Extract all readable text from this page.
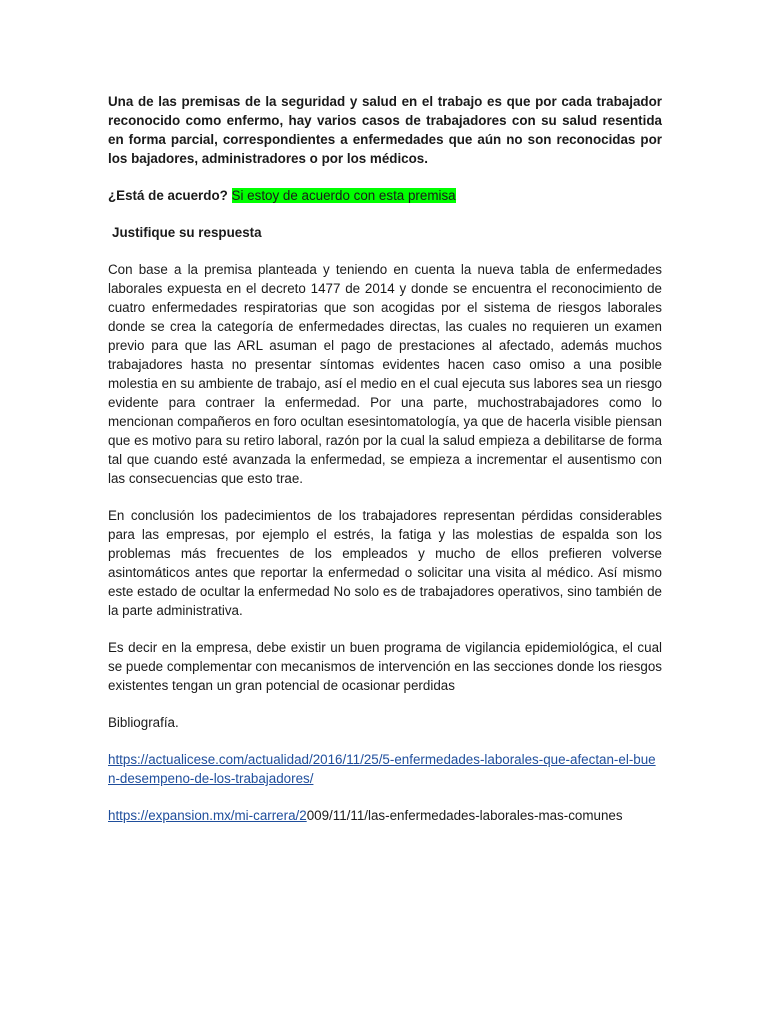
Una de las premisas de la seguridad y salud en el trabajo es que por cada trabajador reconocido como enfermo, hay varios casos de trabajadores con su salud resentida en forma parcial, correspondientes a enfermedades que aún no son reconocidas por los bajadores, administradores o por los médicos.

¿Está de acuerdo? Si estoy de acuerdo con esta premisa

Justifique su respuesta

Con base a la premisa planteada y teniendo en cuenta la nueva tabla de enfermedades laborales expuesta en el decreto 1477 de 2014 y donde se encuentra el reconocimiento de cuatro enfermedades respiratorias que son acogidas por el sistema de riesgos laborales donde se crea la categoría de enfermedades directas, las cuales no requieren un examen previo para que las ARL asuman el pago de prestaciones al afectado, además muchos trabajadores hasta no presentar síntomas evidentes hacen caso omiso a una posible molestia en su ambiente de trabajo, así el medio en el cual ejecuta sus labores sea un riesgo evidente para contraer la enfermedad. Por una parte, muchostrabajadores como lo mencionan compañeros en foro ocultan esesintomatología, ya que de hacerla visible piensan que es motivo para su retiro laboral, razón por la cual la salud empieza a debilitarse de forma tal que cuando esté avanzada la enfermedad, se empieza a incrementar el ausentismo con las consecuencias que esto trae.

En conclusión los padecimientos de los trabajadores representan pérdidas considerables para las empresas, por ejemplo el estrés, la fatiga y las molestias de espalda son los problemas más frecuentes de los empleados y mucho de ellos prefieren volverse asintomáticos antes que reportar la enfermedad o solicitar una visita al médico. Así mismo este estado de ocultar la enfermedad No solo es de trabajadores operativos, sino también de la parte administrativa.

Es decir en la empresa, debe existir un buen programa de vigilancia epidemiológica, el cual se puede complementar con mecanismos de intervención en las secciones donde los riesgos existentes tengan un gran potencial de ocasionar perdidas

Bibliografía.

https://actualicese.com/actualidad/2016/11/25/5-enfermedades-laborales-que-afectan-el-buen-desempeno-de-los-trabajadores/

https://expansion.mx/mi-carrera/2009/11/11/las-enfermedades-laborales-mas-comunes
